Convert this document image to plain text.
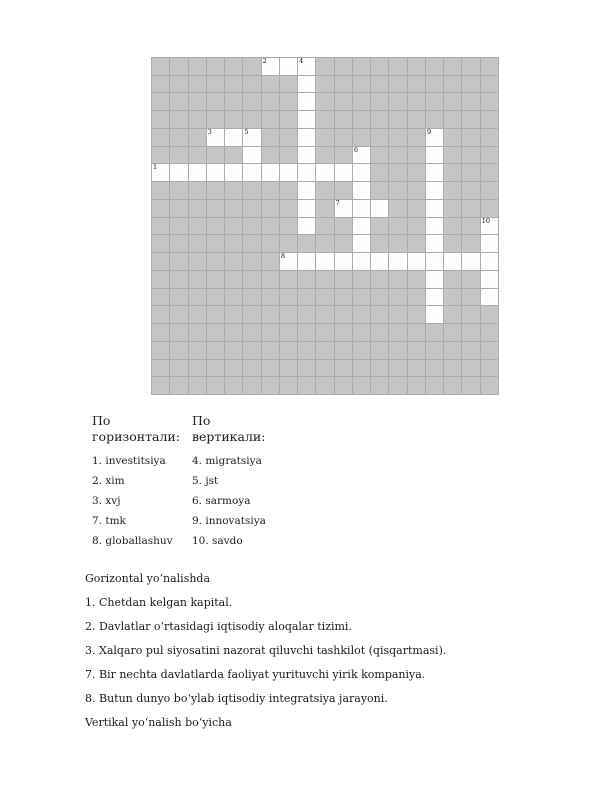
2	4
3	5	9
6
1
7
10
8
По
горизонтали:
1. investitsiya
2. xim
3. xvj
7. tmk
8. globallashuv
По
вертикали:
4. migratsiya
5. jst
6. sarmoya
9. innovatsiya
10. savdo

Gorizontal yoʻnalishda

1. Chetdan kelgan kapital.

2. Davlatlar oʻrtasidagi iqtisodiy aloqalar tizimi.

3. Xalqaro pul siyosatini nazorat qiluvchi tashkilot (qisqartmasi).

7. Bir nechta davlatlarda faoliyat yurituvchi yirik kompaniya.

8. Butun dunyo boʻylab iqtisodiy integratsiya jarayoni.

Vertikal yoʻnalish boʻyicha
